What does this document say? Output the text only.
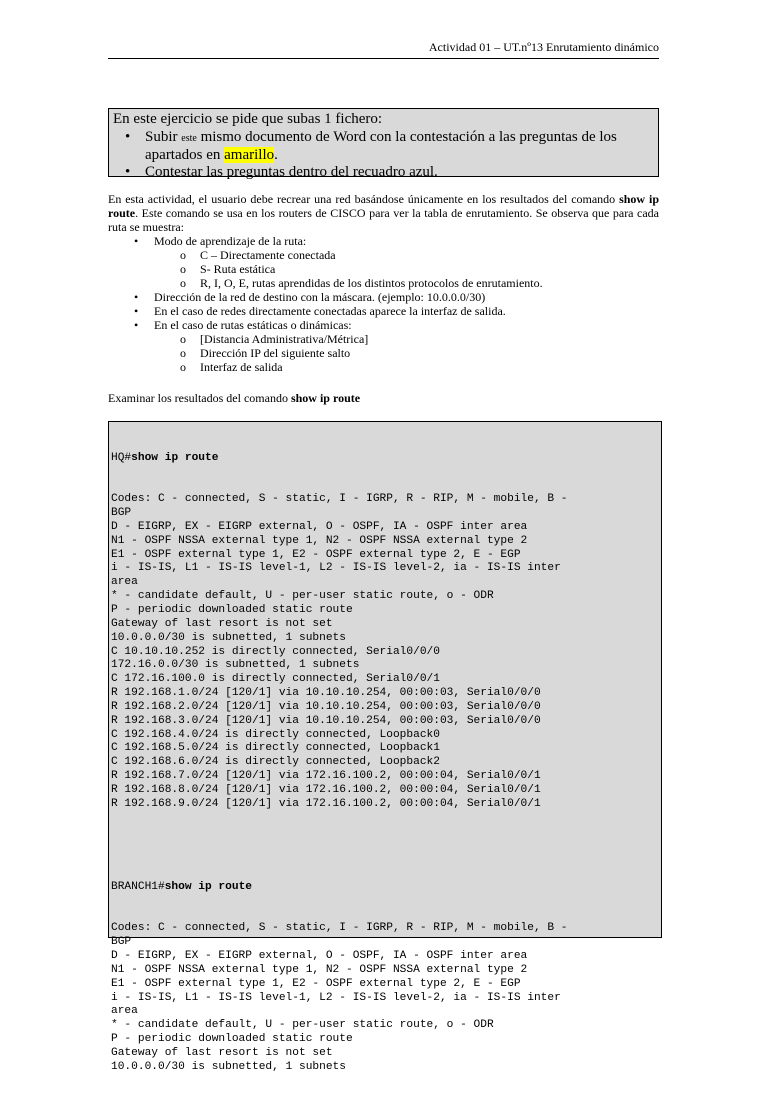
Actividad 01 – UT.nº13 Enrutamiento dinámico

En este ejercicio se pide que subas 1 fichero:

• Subir este mismo documento de Word con la contestación a las preguntas de los apartados en amarillo.
• Contestar las preguntas dentro del recuadro azul.

En esta actividad, el usuario debe recrear una red basándose únicamente en los resultados del comando show ip route. Este comando se usa en los routers de CISCO para ver la tabla de enrutamiento. Se observa que para cada ruta se muestra:

• Modo de aprendizaje de la ruta:
o C – Directamente conectada
o S- Ruta estática
o R, I, O, E, rutas aprendidas de los distintos protocolos de enrutamiento.
• Dirección de la red de destino con la máscara. (ejemplo: 10.0.0.0/30)
• En el caso de redes directamente conectadas aparece la interfaz de salida.
• En el caso de rutas estáticas o dinámicas:
o [Distancia Administrativa/Métrica]
o Dirección IP del siguiente salto
o Interfaz de salida
Examinar los resultados del comando show ip route

HQ#show ip route

Codes: C - connected, S - static, I - IGRP, R - RIP, M - mobile, B -
BGP
D - EIGRP, EX - EIGRP external, O - OSPF, IA - OSPF inter area
N1 - OSPF NSSA external type 1, N2 - OSPF NSSA external type 2
E1 - OSPF external type 1, E2 - OSPF external type 2, E - EGP
i - IS-IS, L1 - IS-IS level-1, L2 - IS-IS level-2, ia - IS-IS inter
area
* - candidate default, U - per-user static route, o - ODR
P - periodic downloaded static route
Gateway of last resort is not set
10.0.0.0/30 is subnetted, 1 subnets
C 10.10.10.252 is directly connected, Serial0/0/0
172.16.0.0/30 is subnetted, 1 subnets
C 172.16.100.0 is directly connected, Serial0/0/1
R 192.168.1.0/24 [120/1] via 10.10.10.254, 00:00:03, Serial0/0/0
R 192.168.2.0/24 [120/1] via 10.10.10.254, 00:00:03, Serial0/0/0
R 192.168.3.0/24 [120/1] via 10.10.10.254, 00:00:03, Serial0/0/0
C 192.168.4.0/24 is directly connected, Loopback0
C 192.168.5.0/24 is directly connected, Loopback1
C 192.168.6.0/24 is directly connected, Loopback2
R 192.168.7.0/24 [120/1] via 172.16.100.2, 00:00:04, Serial0/0/1
R 192.168.8.0/24 [120/1] via 172.16.100.2, 00:00:04, Serial0/0/1
R 192.168.9.0/24 [120/1] via 172.16.100.2, 00:00:04, Serial0/0/1

BRANCH1#show ip route

Codes: C - connected, S - static, I - IGRP, R - RIP, M - mobile, B -
BGP
D - EIGRP, EX - EIGRP external, O - OSPF, IA - OSPF inter area
N1 - OSPF NSSA external type 1, N2 - OSPF NSSA external type 2
E1 - OSPF external type 1, E2 - OSPF external type 2, E - EGP
i - IS-IS, L1 - IS-IS level-1, L2 - IS-IS level-2, ia - IS-IS inter
area
* - candidate default, U - per-user static route, o - ODR
P - periodic downloaded static route
Gateway of last resort is not set
10.0.0.0/30 is subnetted, 1 subnets
